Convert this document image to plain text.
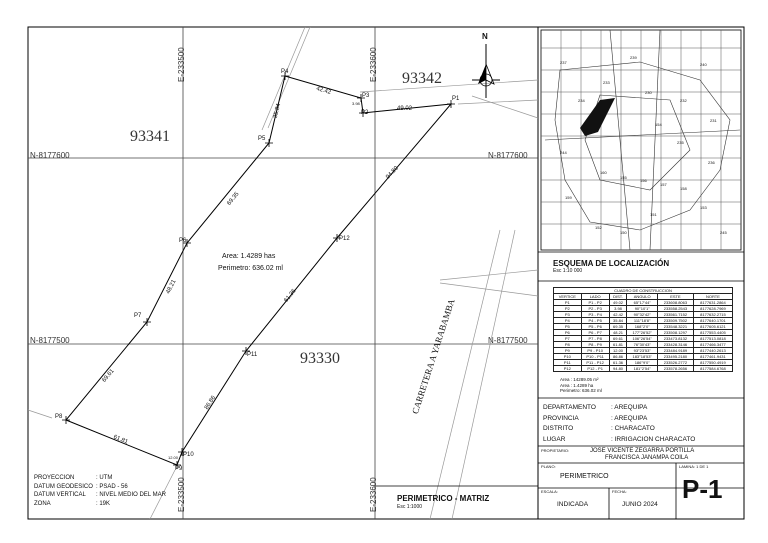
E-233500	E-233600
E-233500	E-233600
N-8177600	N-8177600
N-8177500	N-8177500
93342
93341
93330
N
P1
P2
P3
P4
P5
P6
P7
P8
P9
P10
P11
P12
49.02
42.42
3.98
12.00
35.84
69.35
48.21
69.61
61.81
86.86
61.36
94.80
Area: 1.4289 has
Perimetro: 636.02 ml
CARRETERA A YARABAMBA
PROYECCION	: UTM
DATUM GEODESICO : PSAD - 56
DATUM VERTICAL : NIVEL MEDIO DEL MAR
ZONA	: 19K
PERIMETRICO - MATRIZ
Esc 1:1000
ESQUEMA DE LOCALIZACIÓN
Esc 1:10 000
234
233
230
232
231
160
155
156
157
158
159
152
150
151
153
154
235
236
237
239
240
244
245
CUADRO DE CONSTRUCCION					
VERTICE	LADO	DIST.	ANGULO	ESTE	NORTE
P1	P1 - P2	49.02	65°17'44"	233608.8063	8177631.2864
P2	P2 - P3	3.98	90°10'1"	233558.2543	8177628.7969
P3	P3 - P4	42.42	90°32'42"	233561.7152	8177632.2715
P4	P4 - P5	35.84	111°18'8"	233509.7502	8177640.1701
P5	P5 - P6	69.35	168°2'0"	233548.3221	8177605.6121
P6	P6 - P7	48.21	177°26'52"	233508.1297	8177553.4405
P7	P7 - P8	69.61	106°26'54"	233473.8132	8177513.0818
P8	P8 - P9	61.81	76°30'43"	233428.3146	8177466.3477
P9	P9 - P10	12.00	93°23'53"	233484.9189	8177440.2613
P10	P10 - P11	86.86	183°18'53"	233495.2180	8177461.9431
P11	P11 - P12	61.36	186°9'0"	233526.2772	8177550.4919
P12	P12 - P1	94.80	181°2'54"	233578.2656	8177584.6768
Area : 14289.05 m²
Area : 1.4289 ha
Perimetro: 636.02 ml
DEPARTAMENTO : AREQUIPA
PROVINCIA	: AREQUIPA
DISTRITO	: CHARACATO
LUGAR	: IRRIGACION CHARACATO
PROPIETARIO:	JOSE VICENTE ZEGARRA PORTILLA
FRANCISCA JANAMPA COILA
PLANO:
PERIMETRICO
LAMINA: 1 DE 1
P-1
ESCALA:
INDICADA
FECHA:
JUNIO 2024
